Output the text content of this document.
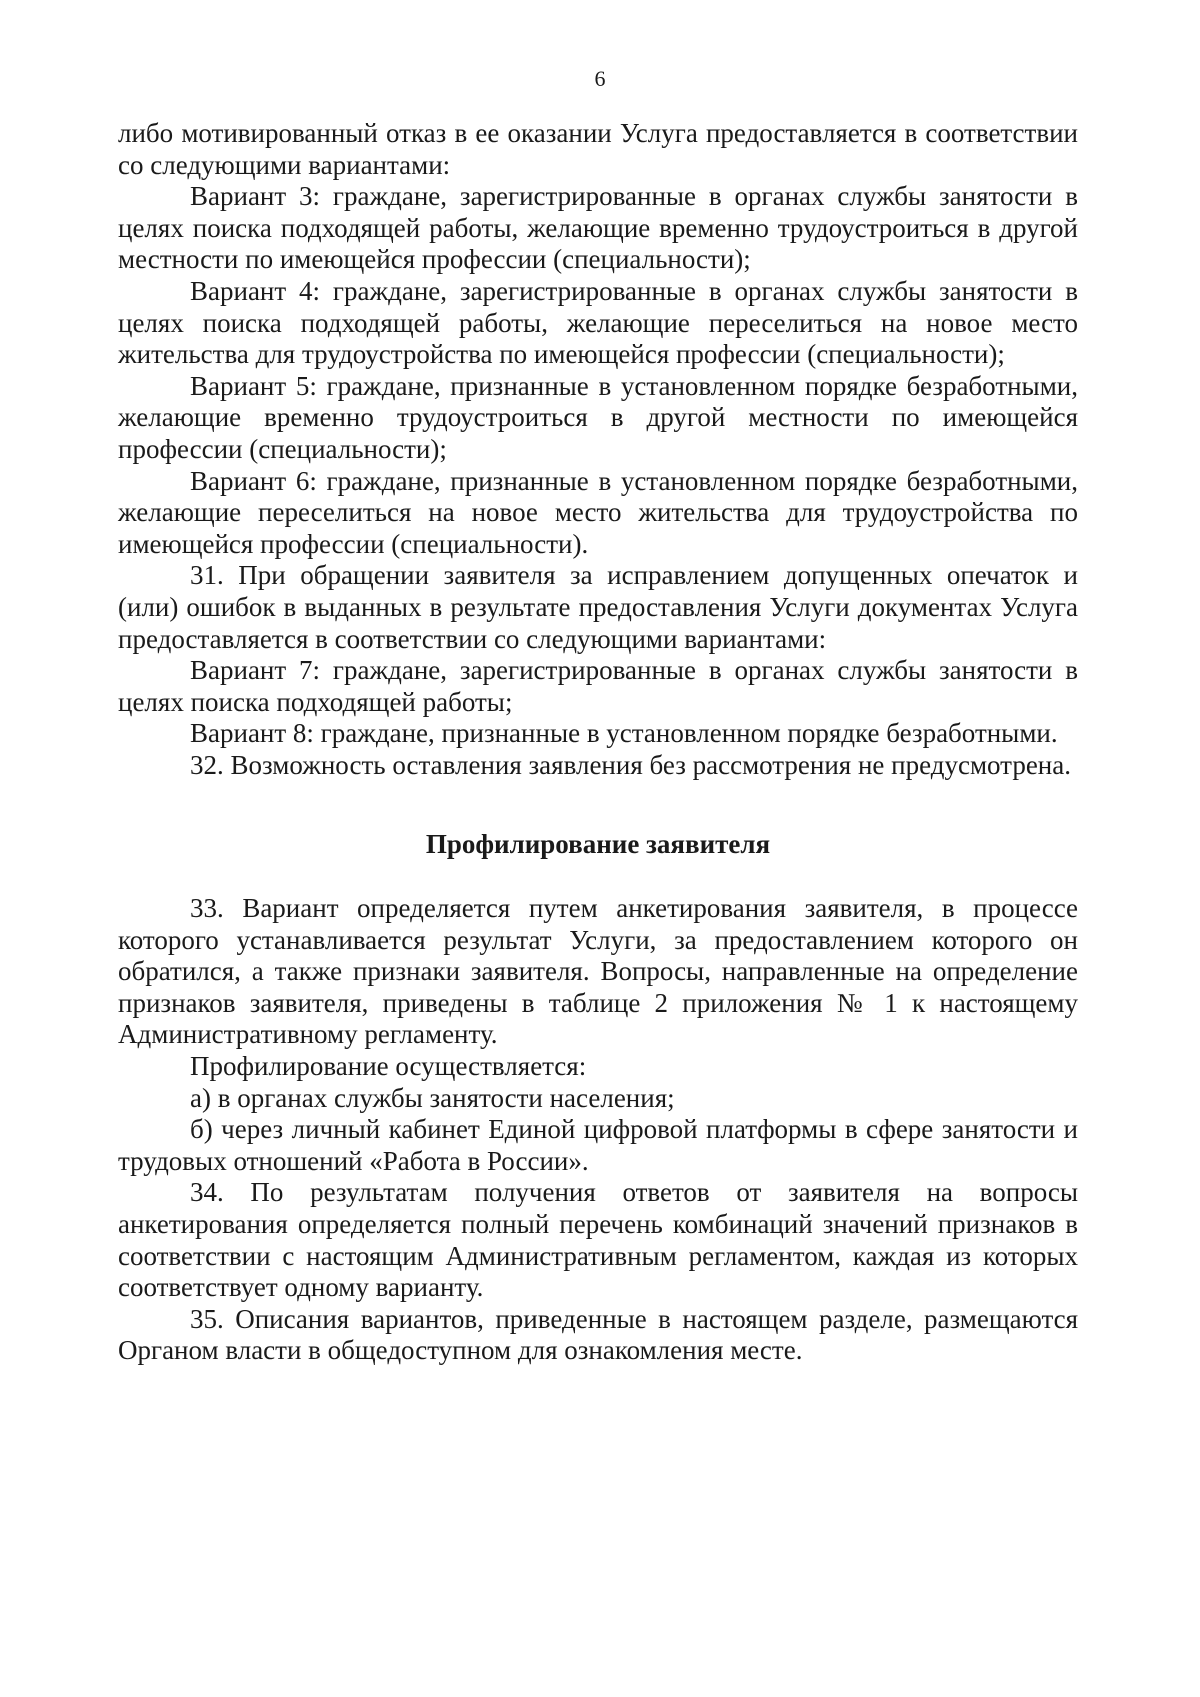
6

либо мотивированный отказ в ее оказании Услуга предоставляется в соответствии со следующими вариантами:

Вариант 3: граждане, зарегистрированные в органах службы занятости в целях поиска подходящей работы, желающие временно трудоустроиться в другой местности по имеющейся профессии (специальности);

Вариант 4: граждане, зарегистрированные в органах службы занятости в целях поиска подходящей работы, желающие переселиться на новое место жительства для трудоустройства по имеющейся профессии (специальности);

Вариант 5: граждане, признанные в установленном порядке безработными, желающие временно трудоустроиться в другой местности по имеющейся профессии (специальности);

Вариант 6: граждане, признанные в установленном порядке безработными, желающие переселиться на новое место жительства для трудоустройства по имеющейся профессии (специальности).

31. При обращении заявителя за исправлением допущенных опечаток и (или) ошибок в выданных в результате предоставления Услуги документах Услуга предоставляется в соответствии со следующими вариантами:

Вариант 7: граждане, зарегистрированные в органах службы занятости в целях поиска подходящей работы;

Вариант 8: граждане, признанные в установленном порядке безработными.

32. Возможность оставления заявления без рассмотрения не предусмотрена.

Профилирование заявителя

33. Вариант определяется путем анкетирования заявителя, в процессе которого устанавливается результат Услуги, за предоставлением которого он обратился, а также признаки заявителя. Вопросы, направленные на определение признаков заявителя, приведены в таблице 2 приложения № 1 к настоящему Административному регламенту.

Профилирование осуществляется:

а) в органах службы занятости населения;

б) через личный кабинет Единой цифровой платформы в сфере занятости и трудовых отношений «Работа в России».

34. По результатам получения ответов от заявителя на вопросы анкетирования определяется полный перечень комбинаций значений признаков в соответствии с настоящим Административным регламентом, каждая из которых соответствует одному варианту.

35. Описания вариантов, приведенные в настоящем разделе, размещаются Органом власти в общедоступном для ознакомления месте.
